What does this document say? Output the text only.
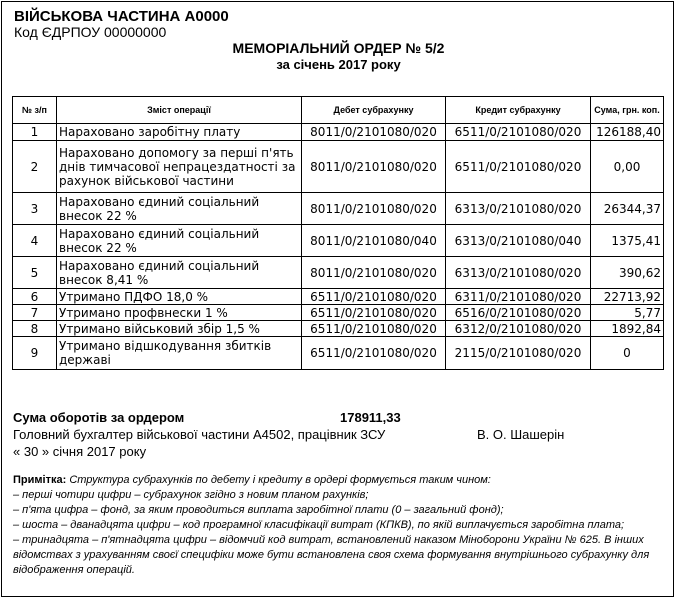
ВІЙСЬКОВА ЧАСТИНА А0000
Код ЄДРПОУ 00000000
МЕМОРІАЛЬНИЙ ОРДЕР № 5/2
за січень 2017 року
№ з/п	Зміст операції	Дебет субрахунку	Кредит субрахунку	Сума, грн. коп.
1	Нараховано заробітну плату	8011/0/2101080/020	6511/0/2101080/020	126188,40
2	Нараховано допомогу за перші п'ять днів тимчасової непрацездатності за рахунок військової частини	8011/0/2101080/020	6511/0/2101080/020	0,00
3	Нараховано єдиний соціальний внесок 22 %	8011/0/2101080/020	6313/0/2101080/020	26344,37
4	Нараховано єдиний соціальний внесок 22 %	8011/0/2101080/040	6313/0/2101080/040	1375,41
5	Нараховано єдиний соціальний внесок 8,41 %	8011/0/2101080/020	6313/0/2101080/020	390,62
6	Утримано ПДФО 18,0 %	6511/0/2101080/020	6311/0/2101080/020	22713,92
7	Утримано профвнески 1 %	6511/0/2101080/020	6516/0/2101080/020	5,77
8	Утримано військовий збір 1,5 %	6511/0/2101080/020	6312/0/2101080/020	1892,84
9	Утримано відшкодування збитків державі	6511/0/2101080/020	2115/0/2101080/020	0
Сума оборотів за ордером	178911,33
Головний бухгалтер військової частини А4502, працівник ЗСУ	В. О. Шашерін
« 30 » січня 2017 року

Примітка: Структура субрахунків по дебету і кредиту в ордері формується таким чином:

– перші чотири цифри – субрахунок згідно з новим планом рахунків;

– п'ята цифра – фонд, за яким проводиться виплата заробітної плати (0 – загальний фонд);

– шоста – дванадцята цифри – код програмної класифікації витрат (КПКВ), по якій виплачується заробітна плата;

– тринадцята – п'ятнадцята цифри – відомчий код витрат, встановлений наказом Міноборони України № 625. В інших відомствах з урахуванням своєї специфіки може бути встановлена своя схема формування внутрішнього субрахунку для відображення операцій.
